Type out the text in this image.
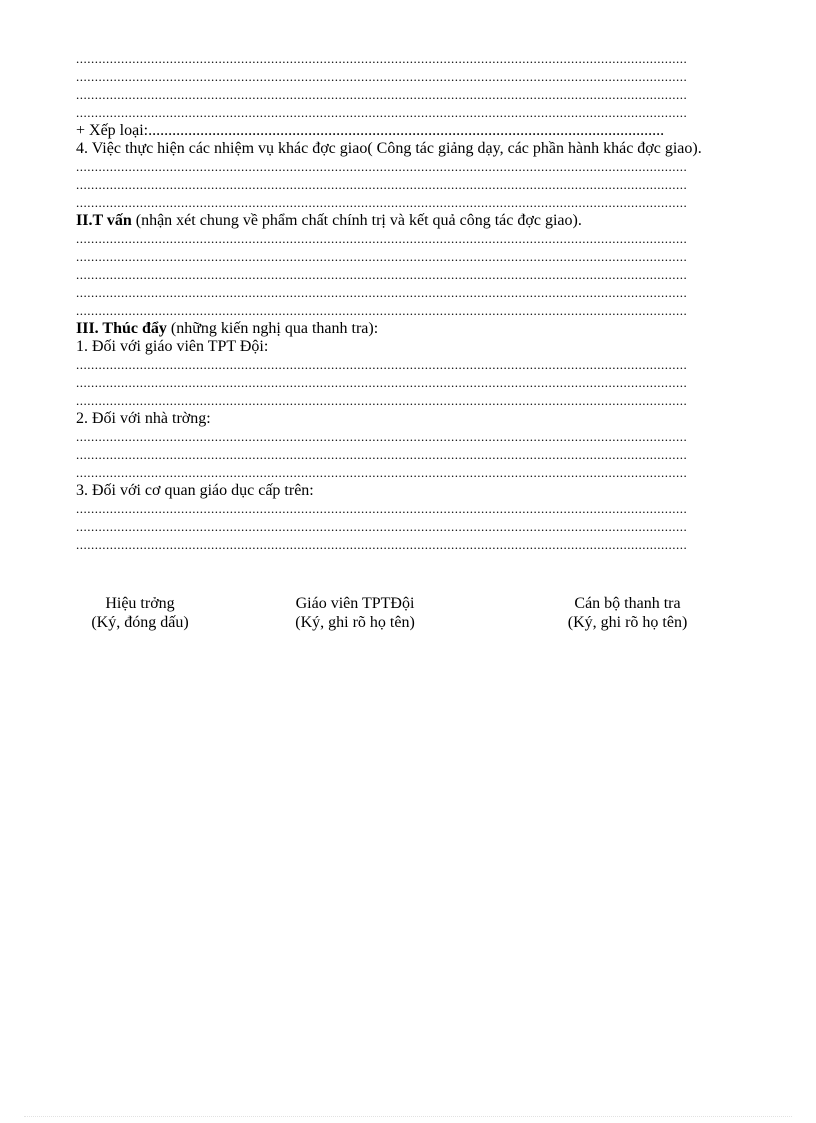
...................................................................................................................................................................
...................................................................................................................................................................
...................................................................................................................................................................
...................................................................................................................................................................
+ Xếp loại:.................................................................................................................................
4. Việc thực hiện các nhiệm vụ khác đợc giao( Công tác giảng dạy, các phần hành khác đợc giao).
...................................................................................................................................................................
...................................................................................................................................................................
...................................................................................................................................................................
II.T vấn (nhận xét chung về phẩm chất chính trị và kết quả công tác đợc giao).
...................................................................................................................................................................
...................................................................................................................................................................
...................................................................................................................................................................
...................................................................................................................................................................
...................................................................................................................................................................
III. Thúc đẩy (những kiến nghị qua thanh tra):
1. Đối với giáo viên TPT Đội:
...................................................................................................................................................................
...................................................................................................................................................................
...................................................................................................................................................................
2. Đối với nhà trờng:
...................................................................................................................................................................
...................................................................................................................................................................
...................................................................................................................................................................
3. Đối với cơ quan giáo dục cấp trên:
...................................................................................................................................................................
...................................................................................................................................................................
...................................................................................................................................................................
Hiệu trởng
(Ký, đóng dấu)
Giáo viên TPTĐội
(Ký, ghi rõ họ tên)
Cán bộ thanh tra
(Ký, ghi rõ họ tên)
